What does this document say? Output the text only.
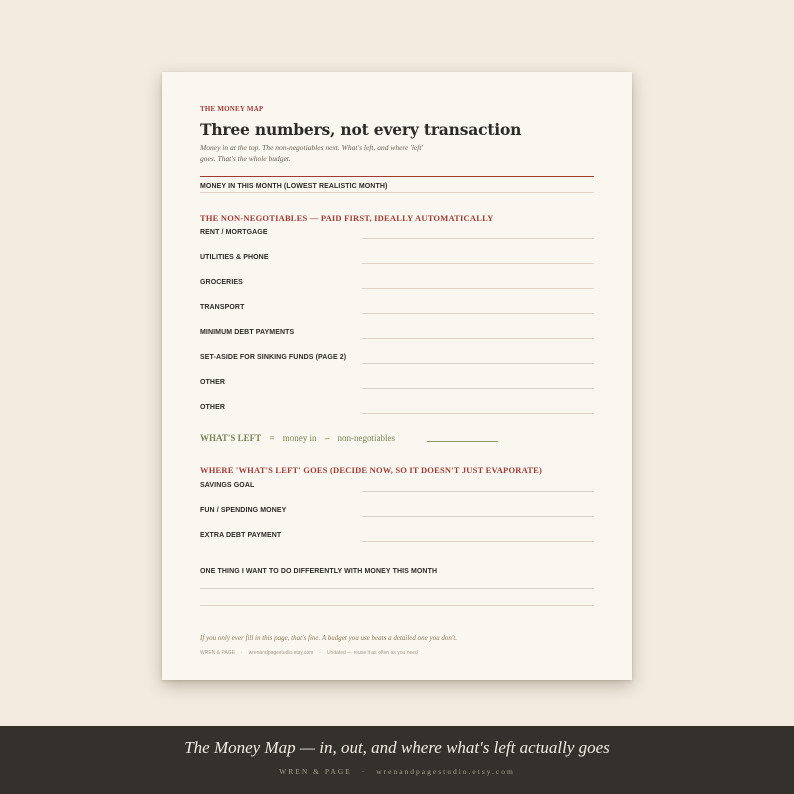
THE MONEY MAP
Three numbers, not every transaction
Money in at the top. The non-negotiables next. What's left, and where 'left' goes. That's the whole budget.
MONEY IN THIS MONTH (LOWEST REALISTIC MONTH)
THE NON-NEGOTIABLES — PAID FIRST, IDEALLY AUTOMATICALLY
RENT / MORTGAGE
UTILITIES & PHONE
GROCERIES
TRANSPORT
MINIMUM DEBT PAYMENTS
SET-ASIDE FOR SINKING FUNDS (PAGE 2)
OTHER
OTHER
WHAT'S LEFT = money in – non-negotiables
WHERE 'WHAT'S LEFT' GOES (DECIDE NOW, SO IT DOESN'T JUST EVAPORATE)
SAVINGS GOAL
FUN / SPENDING MONEY
EXTRA DEBT PAYMENT
ONE THING I WANT TO DO DIFFERENTLY WITH MONEY THIS MONTH
If you only ever fill in this page, that's fine. A budget you use beats a detailed one you don't.
WREN & PAGE · wrenandpagestudio.etsy.com · Undated — reuse it as often as you need
The Money Map — in, out, and where what's left actually goes
WREN & PAGE · wrenandpagestudio.etsy.com
